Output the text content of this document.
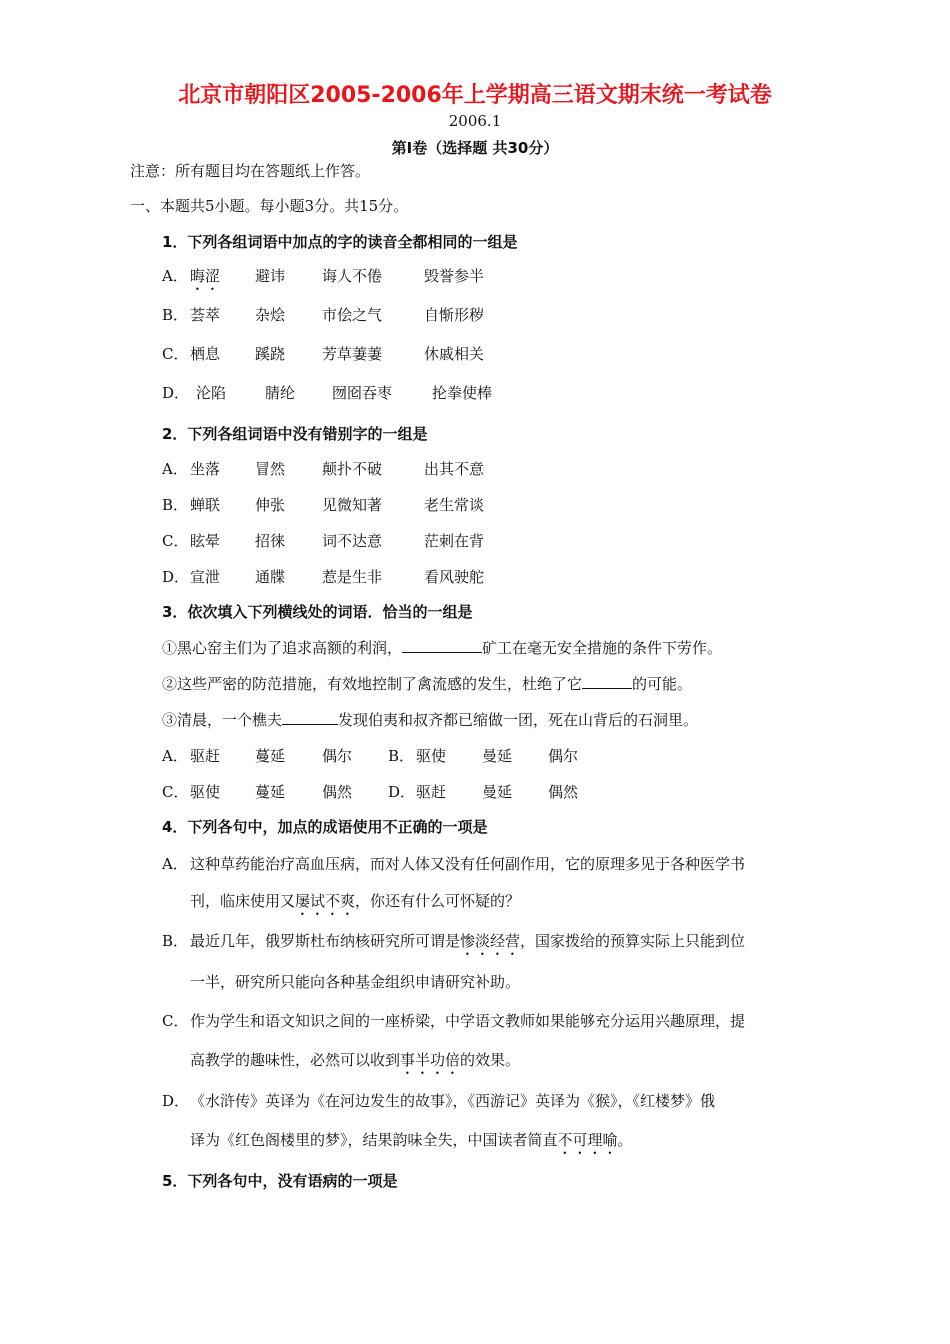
北京市朝阳区2005-2006年上学期高三语文期末统一考试卷
2006.1
第Ⅰ卷（选择题 共30分）
注意：所有题目均在答题纸上作答。
一、本题共5小题。每小题3分。共15分。
1．下列各组词语中加点的字的读音全都相同的一组是
A． 晦涩 避讳 诲人不倦	毁誉参半
B． 荟萃 杂烩 市侩之气	自惭形秽
C． 栖息 蹊跷 芳草萋萋	休戚相关
D． 沦陷	腈纶 囫囵吞枣	抡拳使棒
2．下列各组词语中没有错别字的一组是
A． 坐落 冒然 颠扑不破	出其不意
B． 蝉联 伸张 见微知著	老生常谈
C． 眩晕 招徕 词不达意	茫刺在背
D． 宣泄 通牒 惹是生非	看风驶舵
3．依次填入下列横线处的词语．恰当的一组是
①黑心窑主们为了追求高额的利润，	矿工在毫无安全措施的条件下劳作。
②这些严密的防范措施，有效地控制了禽流感的发生，杜绝了它	的可能。
③清晨，一个樵夫	发现伯夷和叔齐都已缩做一团，死在山背后的石洞里。
A． 驱赶 蔓延 偶尔 B． 驱使 曼延 偶尔
C． 驱使 蔓延 偶然 D． 驱赶 曼延 偶然
4．下列各句中，加点的成语使用不正确的一项是
A． 这种草药能治疗高血压病，而对人体又没有任何副作用，它的原理多见于各种医学书
刊，临床使用又屡试不爽，你还有什么可怀疑的？
B． 最近几年，俄罗斯杜布纳核研究所可谓是惨淡经营，国家拨给的预算实际上只能到位
一半，研究所只能向各种基金组织申请研究补助。
C． 作为学生和语文知识之间的一座桥梁，中学语文教师如果能够充分运用兴趣原理，提
高教学的趣味性，必然可以收到事半功倍的效果。
D． 《水浒传》英译为《在河边发生的故事》，《西游记》英译为《猴》，《红楼梦》俄
译为《红色阁楼里的梦》，结果韵味全失，中国读者简直不可理喻。
5．下列各句中，没有语病的一项是
